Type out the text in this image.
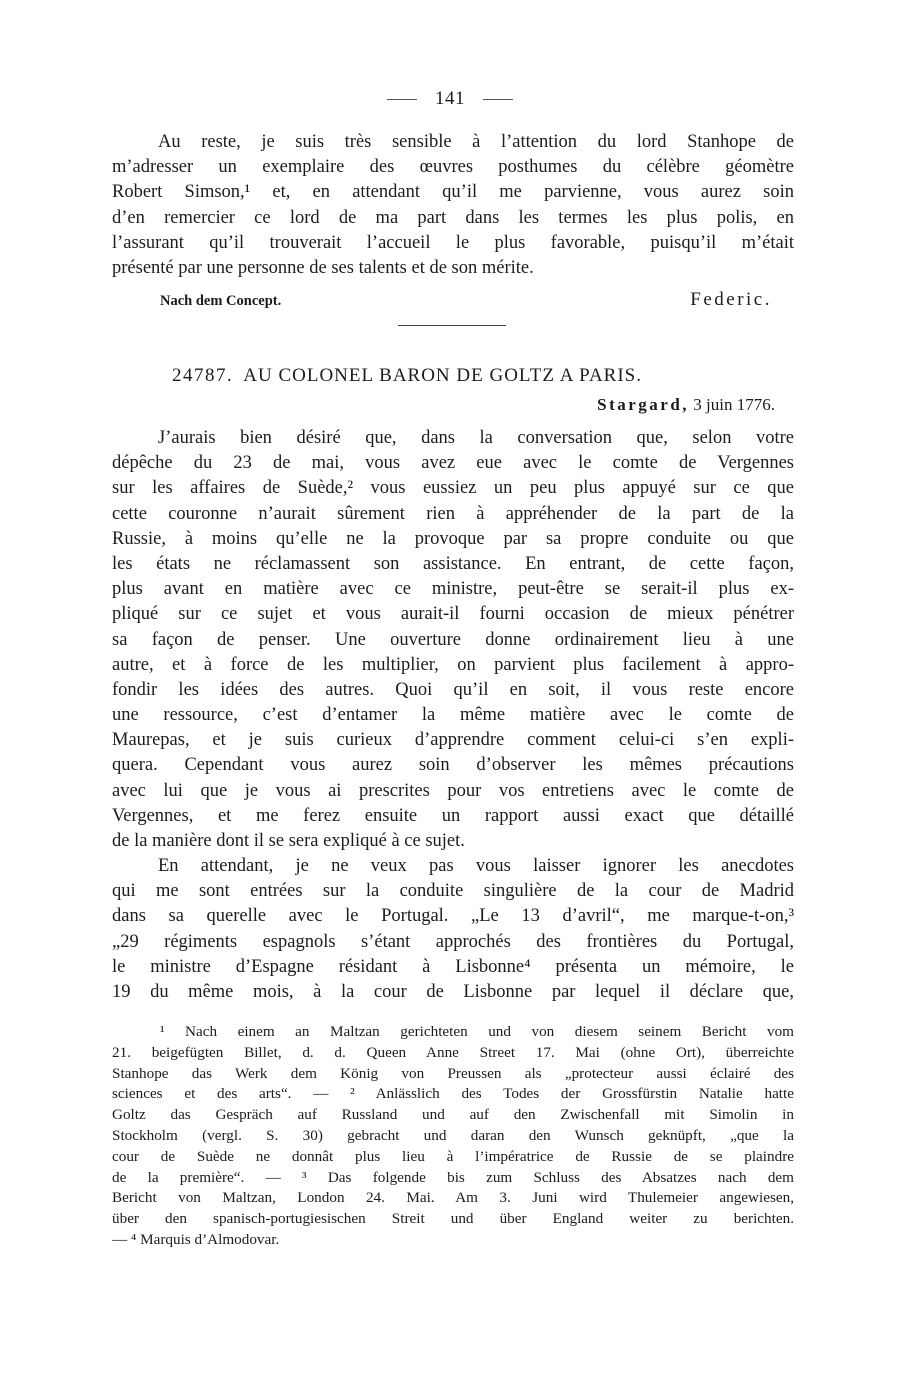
141
Au reste, je suis très sensible à l’attention du lord Stanhope de
m’adresser un exemplaire des œuvres posthumes du célèbre géomètre
Robert Simson,¹ et, en attendant qu’il me parvienne, vous aurez soin
d’en remercier ce lord de ma part dans les termes les plus polis, en
l’assurant qu’il trouverait l’accueil le plus favorable, puisqu’il m’était
présenté par une personne de ses talents et de son mérite.
Nach dem Concept.	Federic.
24787. AU COLONEL BARON DE GOLTZ A PARIS.
Stargard, 3 juin 1776.
J’aurais bien désiré que, dans la conversation que, selon votre
dépêche du 23 de mai, vous avez eue avec le comte de Vergennes
sur les affaires de Suède,² vous eussiez un peu plus appuyé sur ce que
cette couronne n’aurait sûrement rien à appréhender de la part de la
Russie, à moins qu’elle ne la provoque par sa propre conduite ou que
les états ne réclamassent son assistance. En entrant, de cette façon,
plus avant en matière avec ce ministre, peut-être se serait-il plus ex-
pliqué sur ce sujet et vous aurait-il fourni occasion de mieux pénétrer
sa façon de penser. Une ouverture donne ordinairement lieu à une
autre, et à force de les multiplier, on parvient plus facilement à appro-
fondir les idées des autres. Quoi qu’il en soit, il vous reste encore
une ressource, c’est d’entamer la même matière avec le comte de
Maurepas, et je suis curieux d’apprendre comment celui-ci s’en expli-
quera. Cependant vous aurez soin d’observer les mêmes précautions
avec lui que je vous ai prescrites pour vos entretiens avec le comte de
Vergennes, et me ferez ensuite un rapport aussi exact que détaillé
de la manière dont il se sera expliqué à ce sujet.
En attendant, je ne veux pas vous laisser ignorer les anecdotes
qui me sont entrées sur la conduite singulière de la cour de Madrid
dans sa querelle avec le Portugal. „Le 13 d’avril“, me marque-t-on,³
„29 régiments espagnols s’étant approchés des frontières du Portugal,
le ministre d’Espagne résidant à Lisbonne⁴ présenta un mémoire, le
19 du même mois, à la cour de Lisbonne par lequel il déclare que,
¹ Nach einem an Maltzan gerichteten und von diesem seinem Bericht vom
21. beigefügten Billet, d. d. Queen Anne Street 17. Mai (ohne Ort), überreichte
Stanhope das Werk dem König von Preussen als „protecteur aussi éclairé des
sciences et des arts“. — ² Anlässlich des Todes der Grossfürstin Natalie hatte
Goltz das Gespräch auf Russland und auf den Zwischenfall mit Simolin in
Stockholm (vergl. S. 30) gebracht und daran den Wunsch geknüpft, „que la
cour de Suède ne donnât plus lieu à l’impératrice de Russie de se plaindre
de la première“. — ³ Das folgende bis zum Schluss des Absatzes nach dem
Bericht von Maltzan, London 24. Mai. Am 3. Juni wird Thulemeier angewiesen,
über den spanisch-portugiesischen Streit und über England weiter zu berichten.
— ⁴ Marquis d’Almodovar.
